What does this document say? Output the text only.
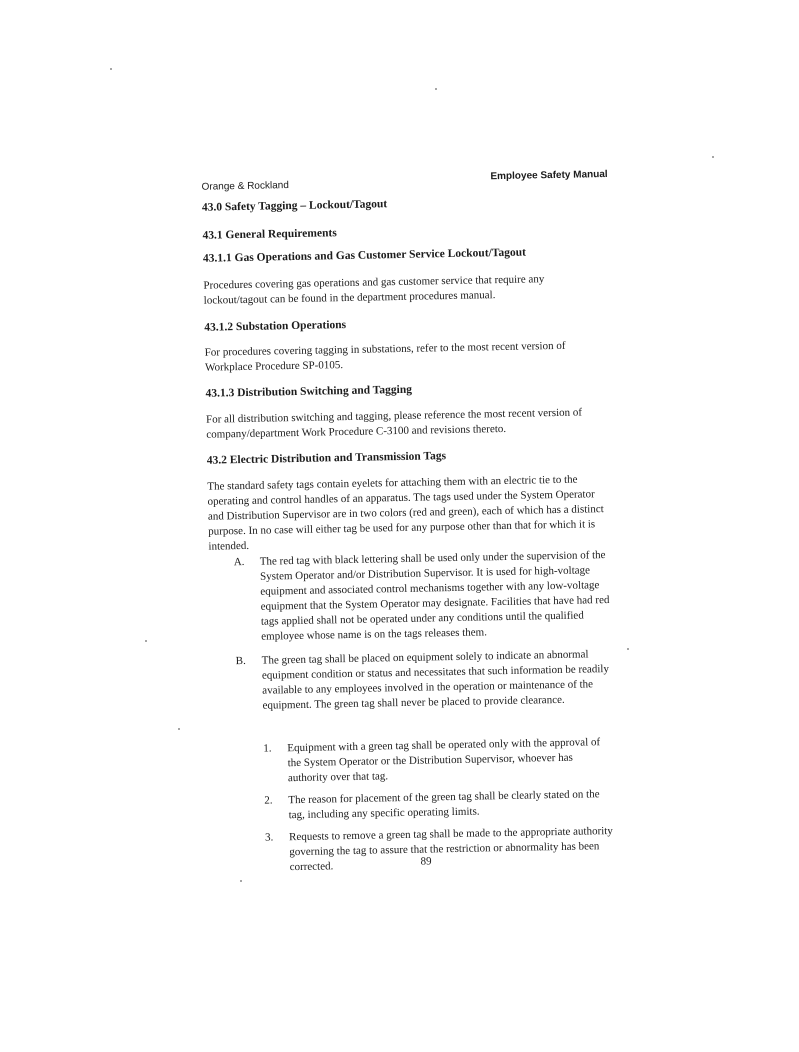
Orange & Rockland
Employee Safety Manual
43.0 Safety Tagging – Lockout/Tagout
43.1 General Requirements
43.1.1 Gas Operations and Gas Customer Service Lockout/Tagout
Procedures covering gas operations and gas customer service that require any lockout/tagout can be found in the department procedures manual.
43.1.2 Substation Operations
For procedures covering tagging in substations, refer to the most recent version of Workplace Procedure SP-0105.
43.1.3 Distribution Switching and Tagging
For all distribution switching and tagging, please reference the most recent version of company/department Work Procedure C-3100 and revisions thereto.
43.2 Electric Distribution and Transmission Tags
The standard safety tags contain eyelets for attaching them with an electric tie to the operating and control handles of an apparatus. The tags used under the System Operator and Distribution Supervisor are in two colors (red and green), each of which has a distinct purpose. In no case will either tag be used for any purpose other than that for which it is intended.
A. The red tag with black lettering shall be used only under the supervision of the System Operator and/or Distribution Supervisor. It is used for high-voltage equipment and associated control mechanisms together with any low-voltage equipment that the System Operator may designate. Facilities that have had red tags applied shall not be operated under any conditions until the qualified employee whose name is on the tags releases them.
B. The green tag shall be placed on equipment solely to indicate an abnormal equipment condition or status and necessitates that such information be readily available to any employees involved in the operation or maintenance of the equipment. The green tag shall never be placed to provide clearance.
1. Equipment with a green tag shall be operated only with the approval of the System Operator or the Distribution Supervisor, whoever has authority over that tag.
2. The reason for placement of the green tag shall be clearly stated on the tag, including any specific operating limits.
3. Requests to remove a green tag shall be made to the appropriate authority governing the tag to assure that the restriction or abnormality has been corrected.	89
